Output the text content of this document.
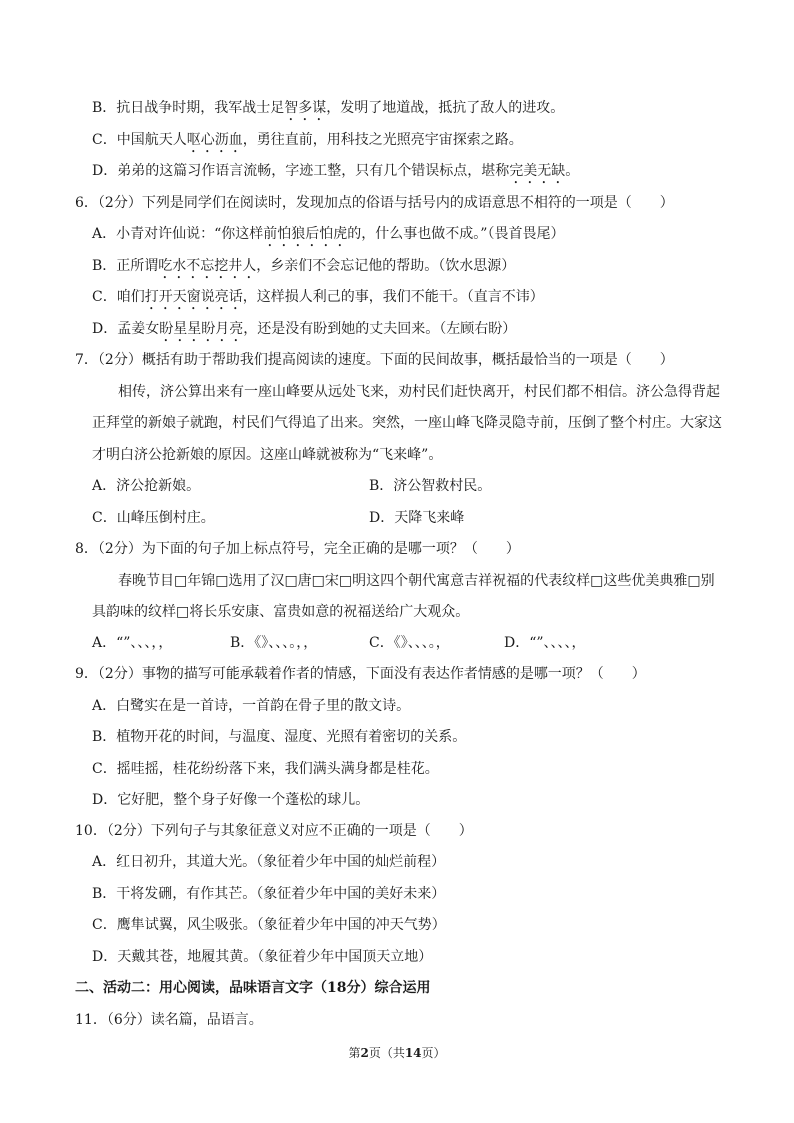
B．抗日战争时期，我军战士足智多谋，发明了地道战，抵抗了敌人的进攻。
C．中国航天人呕心沥血，勇往直前，用科技之光照亮宇宙探索之路。
D．弟弟的这篇习作语言流畅，字迹工整，只有几个错误标点，堪称完美无缺。
6．（2分）下列是同学们在阅读时，发现加点的俗语与括号内的成语意思不相符的一项是（　　）
A．小青对许仙说：“你这样前怕狼后怕虎的，什么事也做不成。”（畏首畏尾）
B．正所谓吃水不忘挖井人，乡亲们不会忘记他的帮助。（饮水思源）
C．咱们打开天窗说亮话，这样损人利己的事，我们不能干。（直言不讳）
D．孟姜女盼星星盼月亮，还是没有盼到她的丈夫回来。（左顾右盼）
7．（2分）概括有助于帮助我们提高阅读的速度。下面的民间故事，概括最恰当的一项是（　　）
相传，济公算出来有一座山峰要从远处飞来，劝村民们赶快离开，村民们都不相信。济公急得背起
正拜堂的新娘子就跑，村民们气得追了出来。突然，一座山峰飞降灵隐寺前，压倒了整个村庄。大家这
才明白济公抢新娘的原因。这座山峰就被称为“飞来峰”。
A．济公抢新娘。	B．济公智救村民。
C．山峰压倒村庄。	D．天降飞来峰
8．（2分）为下面的句子加上标点符号，完全正确的是哪一项？（　　）
春晚节目□年锦□选用了汉□唐□宋□明这四个朝代寓意吉祥祝福的代表纹样□这些优美典雅□别
具韵味的纹样□将长乐安康、富贵如意的祝福送给广大观众。
A．“”、、、，，	B．《》、、、。，，	C．《》、、、。，	D．“”、、、、，
9．（2分）事物的描写可能承载着作者的情感，下面没有表达作者情感的是哪一项？（　　）
A．白鹭实在是一首诗，一首韵在骨子里的散文诗。
B．植物开花的时间，与温度、湿度、光照有着密切的关系。
C．摇哇摇，桂花纷纷落下来，我们满头满身都是桂花。
D．它好肥，整个身子好像一个蓬松的球儿。
10．（2分）下列句子与其象征意义对应不正确的一项是（　　）
A．红日初升，其道大光。（象征着少年中国的灿烂前程）
B．干将发硎，有作其芒。（象征着少年中国的美好未来）
C．鹰隼试翼，风尘吸张。（象征着少年中国的冲天气势）
D．天戴其苍，地履其黄。（象征着少年中国顶天立地）
二、活动二：用心阅读，品味语言文字（18分）综合运用
11．（6分）读名篇，品语言。
第2页（共14页）
